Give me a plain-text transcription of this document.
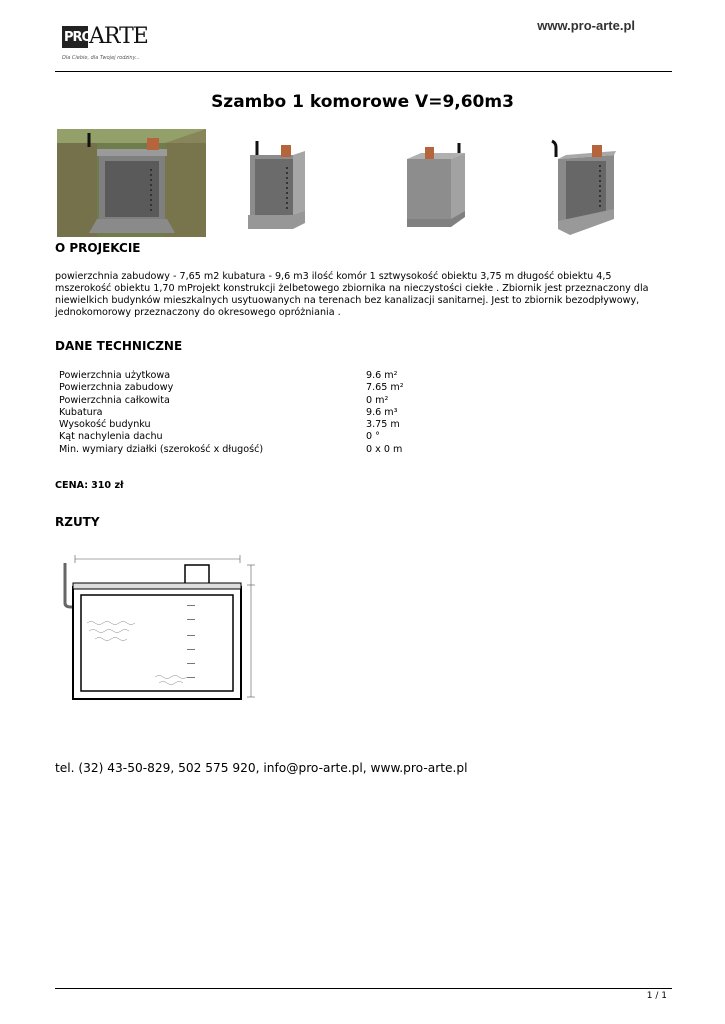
PRO
ARTE
Dla Ciebie, dla Twojej rodziny...
www.pro-arte.pl
Szambo 1 komorowe V=9,60m3
O PROJEKCIE
powierzchnia zabudowy - 7,65 m2 kubatura - 9,6 m3 ilość komór 1 sztwysokość obiektu 3,75 m długość obiektu 4,5
mszerokość obiektu 1,70 mProjekt konstrukcji żelbetowego zbiornika na nieczystości ciekłe . Zbiornik jest przeznaczony dla
niewielkich budynków mieszkalnych usytuowanych na terenach bez kanalizacji sanitarnej. Jest to zbiornik bezodpływowy,
jednokomorowy przeznaczony do okresowego opróżniania .
DANE TECHNICZNE
Powierzchnia użytkowa	9.6 m²
Powierzchnia zabudowy	7.65 m²
Powierzchnia całkowita	0 m²
Kubatura	9.6 m³
Wysokość budynku	3.75 m
Kąt nachylenia dachu	0 °
Min. wymiary działki (szerokość x długość)	0 x 0 m
CENA: 310 zł
RZUTY
tel. (32) 43-50-829, 502 575 920, info@pro-arte.pl, www.pro-arte.pl
1 / 1
